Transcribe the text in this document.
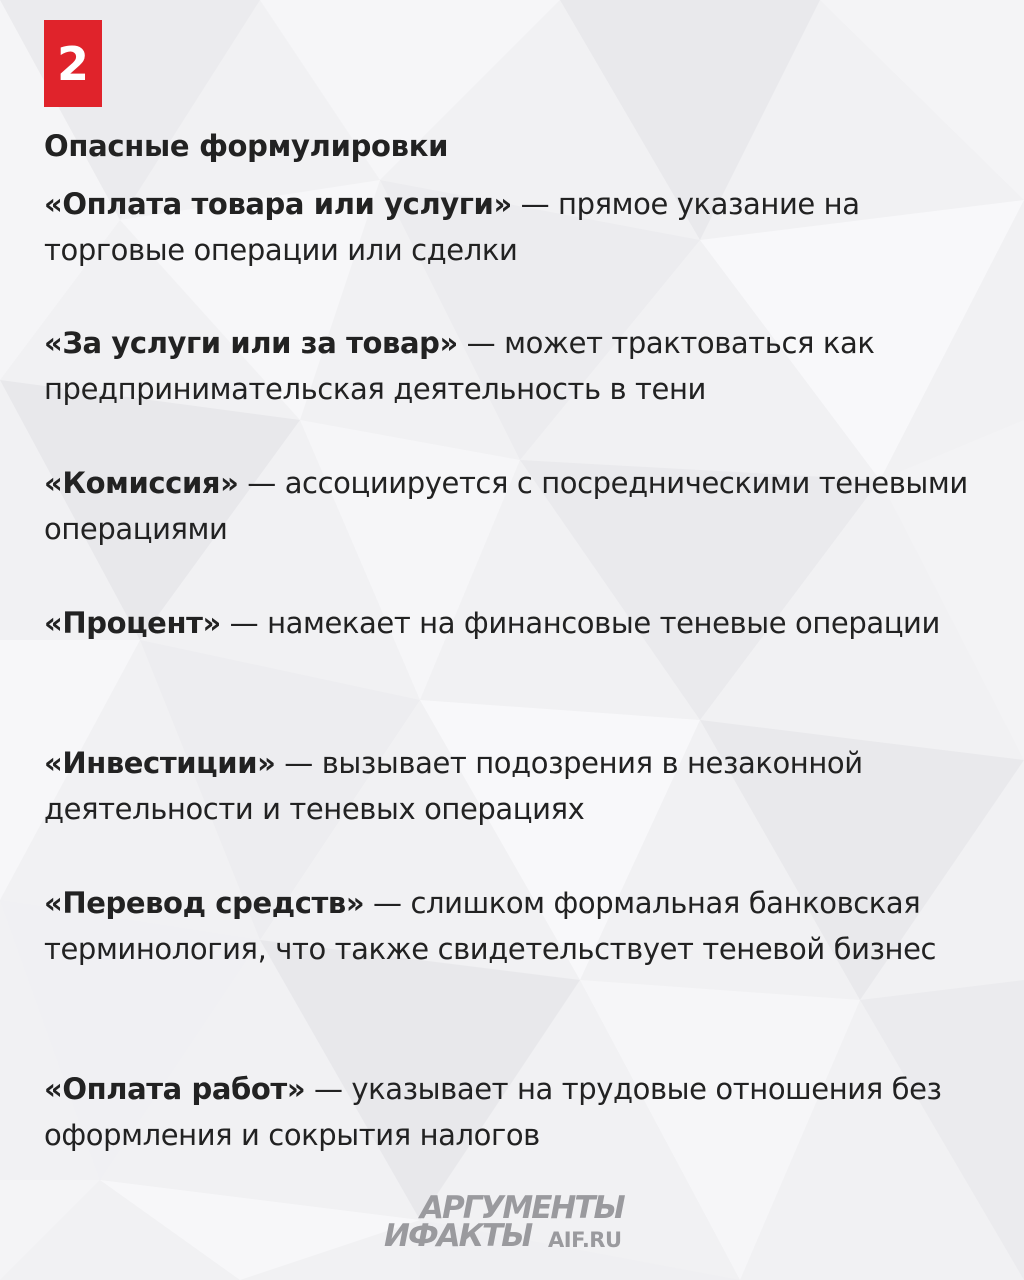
2
Опасные формулировки

«Оплата товара или услуги» — прямое указание на торговые операции или сделки

«За услуги или за товар» — может трактоваться как предпринимательская деятельность в тени

«Комиссия» — ассоциируется с посредническими теневыми операциями

«Процент» — намекает на финансовые теневые операции

«Инвестиции» — вызывает подозрения в незаконной деятельности и теневых операциях

«Перевод средств» — слишком формальная банковская терминология, что также свидетельствует теневой бизнес

«Оплата работ» — указывает на трудовые отношения без оформления и сокрытия налогов

АРГУМЕНТЫ
ИФАКТЫ AIF.RU
